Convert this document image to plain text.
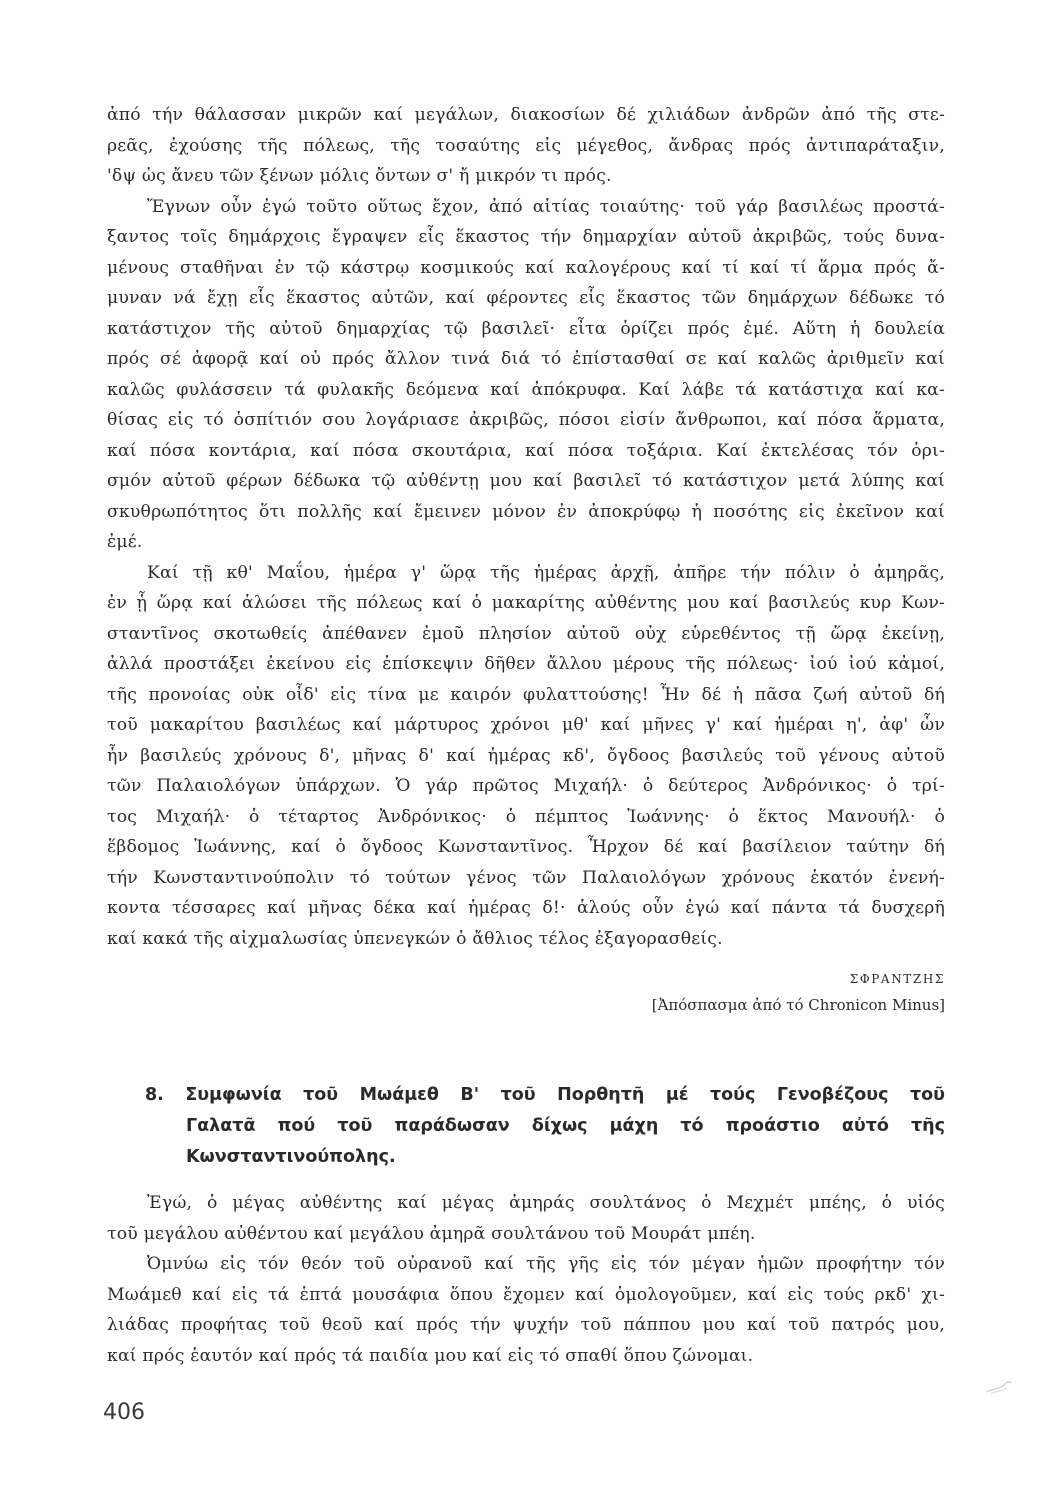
ἀπό τήν θάλασσαν μικρῶν καί μεγάλων, διακοσίων δέ χιλιάδων ἀνδρῶν ἀπό τῆς στε-
ρεᾶς, ἐχούσης τῆς πόλεως, τῆς τοσαύτης εἰς μέγεθος, ἄνδρας πρός ἀντιπαράταξιν,
'δψ ὡς ἄνευ τῶν ξένων μόλις ὄντων σ' ἤ μικρόν τι πρός.
Ἔγνων οὖν ἐγώ τοῦτο οὕτως ἔχον, ἀπό αἰτίας τοιαύτης· τοῦ γάρ βασιλέως προστά-
ξαντος τοῖς δημάρχοις ἔγραψεν εἷς ἕκαστος τήν δημαρχίαν αὐτοῦ ἀκριβῶς, τούς δυνα-
μένους σταθῆναι ἐν τῷ κάστρῳ κοσμικούς καί καλογέρους καί τί καί τί ἅρμα πρός ἄ-
μυναν νά ἔχῃ εἷς ἕκαστος αὐτῶν, καί φέροντες εἷς ἕκαστος τῶν δημάρχων δέδωκε τό
κατάστιχον τῆς αὐτοῦ δημαρχίας τῷ βασιλεῖ· εἶτα ὁρίζει πρός ἐμέ. Αὕτη ἡ δουλεία
πρός σέ ἀφορᾷ καί οὐ πρός ἄλλον τινά διά τό ἐπίστασθαί σε καί καλῶς ἀριθμεῖν καί
καλῶς φυλάσσειν τά φυλακῆς δεόμενα καί ἀπόκρυφα. Καί λάβε τά κατάστιχα καί κα-
θίσας εἰς τό ὁσπίτιόν σου λογάριασε ἀκριβῶς, πόσοι εἰσίν ἄνθρωποι, καί πόσα ἅρματα,
καί πόσα κοντάρια, καί πόσα σκουτάρια, καί πόσα τοξάρια. Καί ἐκτελέσας τόν ὁρι-
σμόν αὐτοῦ φέρων δέδωκα τῷ αὐθέντῃ μου καί βασιλεῖ τό κατάστιχον μετά λύπης καί
σκυθρωπότητος ὅτι πολλῆς καί ἔμεινεν μόνον ἐν ἀποκρύφῳ ἡ ποσότης εἰς ἐκεῖνον καί
ἐμέ.
Καί τῇ κθ' Μαΐου, ἡμέρα γ' ὥρᾳ τῆς ἡμέρας ἀρχῇ, ἀπῆρε τήν πόλιν ὁ ἀμηρᾶς,
ἐν ᾗ ὥρᾳ καί ἁλώσει τῆς πόλεως καί ὁ μακαρίτης αὐθέντης μου καί βασιλεύς κυρ Κων-
σταντῖνος σκοτωθείς ἀπέθανεν ἐμοῦ πλησίον αὐτοῦ οὐχ εὑρεθέντος τῇ ὥρᾳ ἐκείνῃ,
ἀλλά προστάξει ἐκείνου εἰς ἐπίσκεψιν δῆθεν ἄλλου μέρους τῆς πόλεως· ἰού ἰού κἀμοί,
τῆς προνοίας οὐκ οἶδ' εἰς τίνα με καιρόν φυλαττούσης! Ἦν δέ ἡ πᾶσα ζωή αὐτοῦ δή
τοῦ μακαρίτου βασιλέως καί μάρτυρος χρόνοι μθ' καί μῆνες γ' καί ἡμέραι η', ἀφ' ὧν
ἦν βασιλεύς χρόνους δ', μῆνας δ' καί ἡμέρας κδ', ὄγδοος βασιλεύς τοῦ γένους αὐτοῦ
τῶν Παλαιολόγων ὑπάρχων. Ὁ γάρ πρῶτος Μιχαήλ· ὁ δεύτερος Ἀνδρόνικος· ὁ τρί-
τος Μιχαήλ· ὁ τέταρτος Ἀνδρόνικος· ὁ πέμπτος Ἰωάννης· ὁ ἕκτος Μανουήλ· ὁ
ἕβδομος Ἰωάννης, καί ὁ ὄγδοος Κωνσταντῖνος. Ἦρχον δέ καί βασίλειον ταύτην δή
τήν Κωνσταντινούπολιν τό τούτων γένος τῶν Παλαιολόγων χρόνους ἑκατόν ἐνενή-
κοντα τέσσαρες καί μῆνας δέκα καί ἡμέρας δ!· ἁλούς οὖν ἐγώ καί πάντα τά δυσχερῆ
καί κακά τῆς αἰχμαλωσίας ὑπενεγκών ὁ ἄθλιος τέλος ἐξαγορασθείς.
ΣΦΡΑΝΤΖΗΣ
[Ἀπόσπασμα ἀπό τό Chronicon Minus]
8. Συμφωνία τοῦ Μωάμεθ Β' τοῦ Πορθητῆ μέ τούς Γενοβέζους τοῦ
Γαλατᾶ πού τοῦ παράδωσαν δίχως μάχη τό προάστιο αὐτό τῆς
Κωνσταντινούπολης.
Ἐγώ, ὁ μέγας αὐθέντης καί μέγας ἀμηράς σουλτάνος ὁ Μεχμέτ μπέης, ὁ υἱός
τοῦ μεγάλου αὐθέντου καί μεγάλου ἀμηρᾶ σουλτάνου τοῦ Μουράτ μπέη.
Ὀμνύω εἰς τόν θεόν τοῦ οὐρανοῦ καί τῆς γῆς εἰς τόν μέγαν ἡμῶν προφήτην τόν
Μωάμεθ καί εἰς τά ἑπτά μουσάφια ὅπου ἔχομεν καί ὁμολογοῦμεν, καί εἰς τούς ρκδ' χι-
λιάδας προφήτας τοῦ θεοῦ καί πρός τήν ψυχήν τοῦ πάππου μου καί τοῦ πατρός μου,
καί πρός ἑαυτόν καί πρός τά παιδία μου καί εἰς τό σπαθί ὅπου ζώνομαι.
406
